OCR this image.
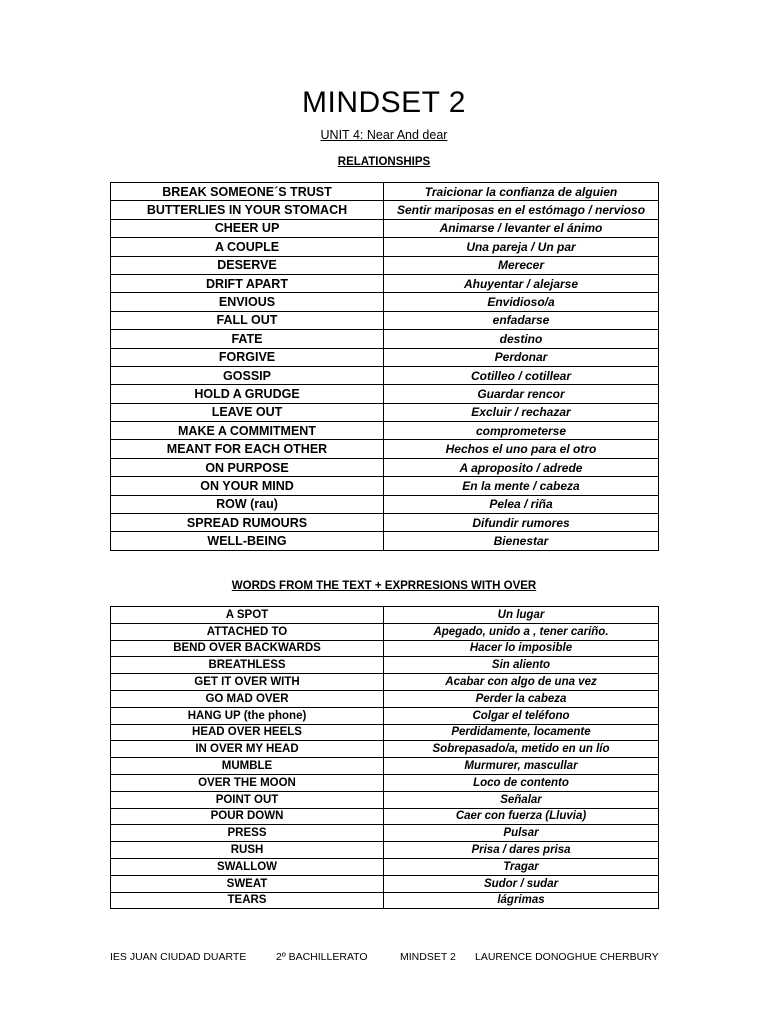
MINDSET 2
UNIT 4: Near And dear
RELATIONSHIPS
BREAK SOMEONE´S TRUST	Traicionar la confianza de alguien
BUTTERLIES IN YOUR STOMACH	Sentir mariposas en el estómago / nervioso
CHEER UP	Animarse / levanter el ánimo
A COUPLE	Una pareja / Un par
DESERVE	Merecer
DRIFT APART	Ahuyentar / alejarse
ENVIOUS	Envidioso/a
FALL OUT	enfadarse
FATE	destino
FORGIVE	Perdonar
GOSSIP	Cotilleo / cotillear
HOLD A GRUDGE	Guardar rencor
LEAVE OUT	Excluir / rechazar
MAKE A COMMITMENT	comprometerse
MEANT FOR EACH OTHER	Hechos el uno para el otro
ON PURPOSE	A aproposito / adrede
ON YOUR MIND	En la mente / cabeza
ROW (rau)	Pelea / riña
SPREAD RUMOURS	Difundir rumores
WELL-BEING	Bienestar
WORDS FROM THE TEXT + EXPRRESIONS WITH OVER
A SPOT	Un lugar
ATTACHED TO	Apegado, unido a , tener cariño.
BEND OVER BACKWARDS	Hacer lo imposible
BREATHLESS	Sin aliento
GET IT OVER WITH	Acabar con algo de una vez
GO MAD OVER	Perder la cabeza
HANG UP (the phone)	Colgar el teléfono
HEAD OVER HEELS	Perdidamente, locamente
IN OVER MY HEAD	Sobrepasado/a, metido en un lío
MUMBLE	Murmurer, mascullar
OVER THE MOON	Loco de contento
POINT OUT	Señalar
POUR DOWN	Caer con fuerza (Lluvia)
PRESS	Pulsar
RUSH	Prisa / dares prisa
SWALLOW	Tragar
SWEAT	Sudor / sudar
TEARS	lágrimas
IES JUAN CIUDAD DUARTE	2º BACHILLERATO	MINDSET 2 LAURENCE DONOGHUE CHERBURY
